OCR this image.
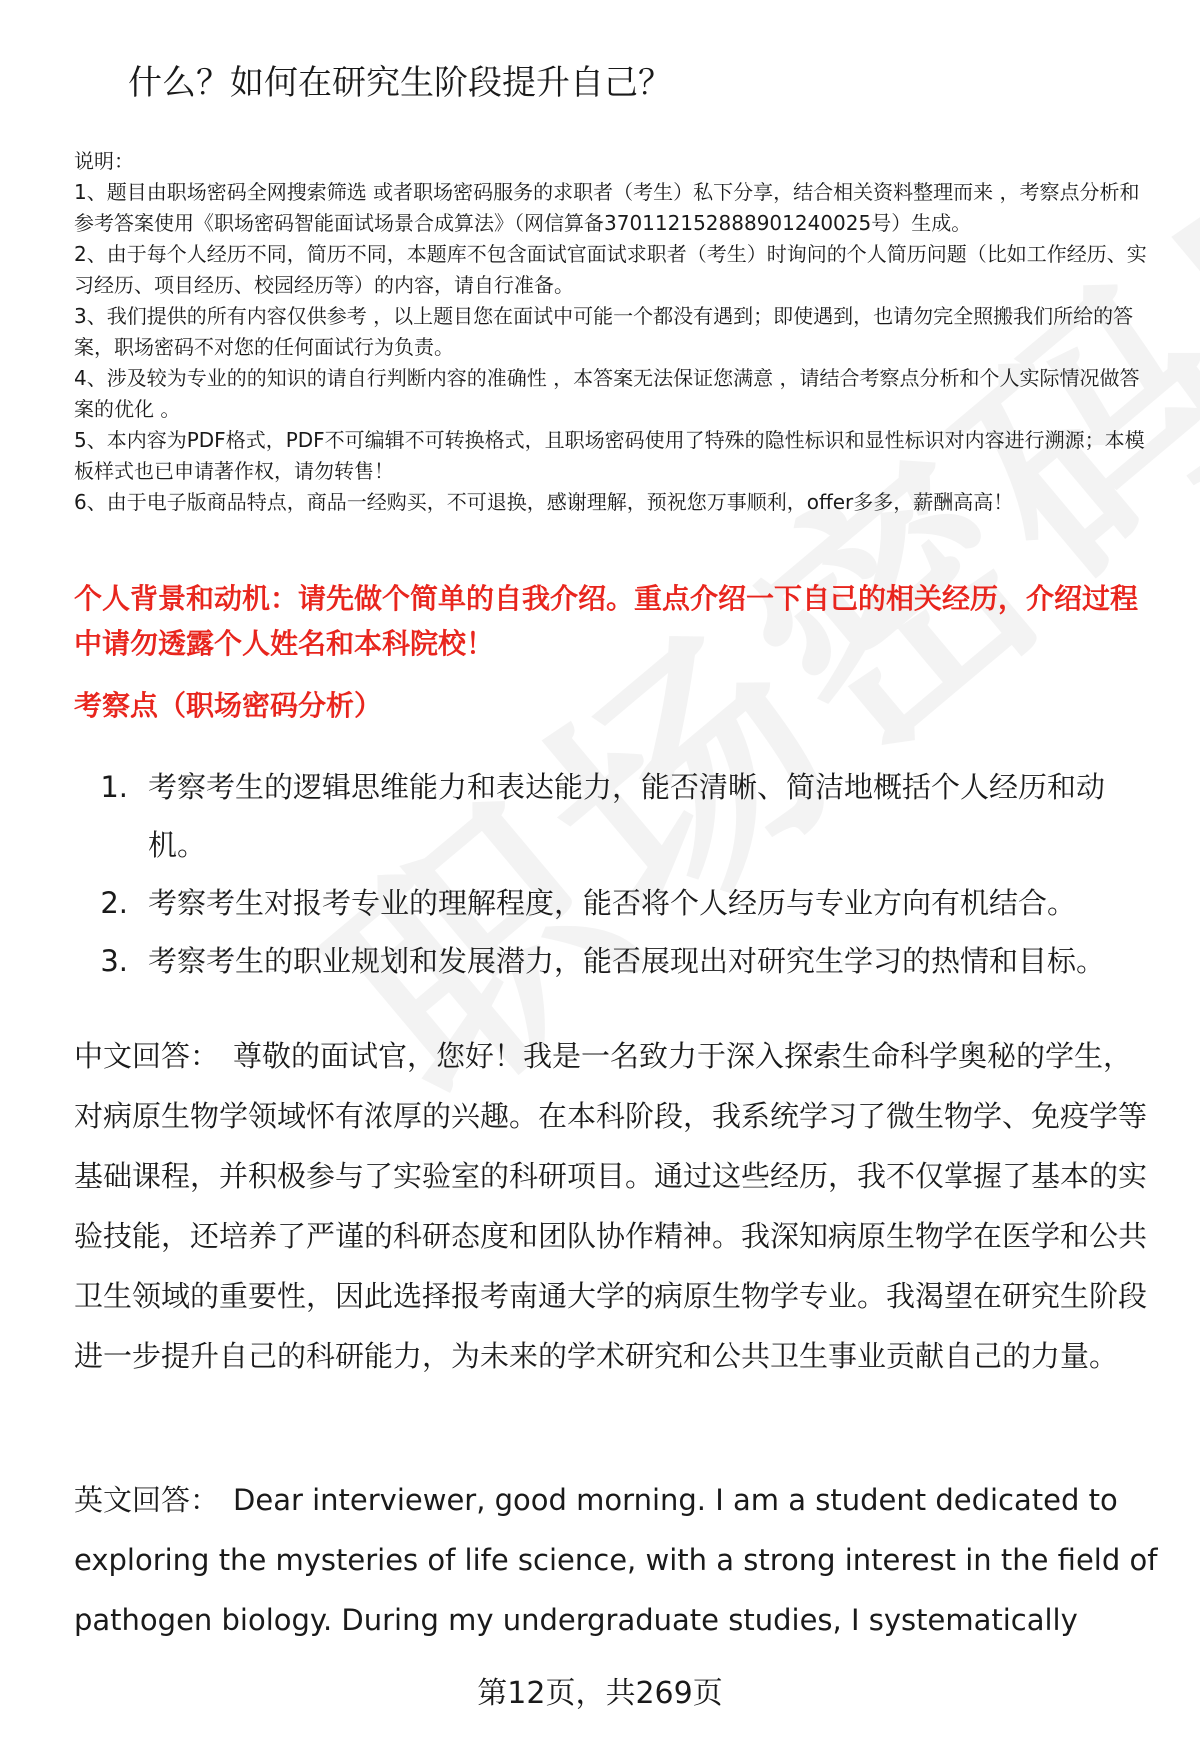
什么？如何在研究生阶段提升自己？

说明：

1、题目由职场密码全网搜索筛选 或者职场密码服务的求职者（考生）私下分享，结合相关资料整理而来 ，考察点分析和参考答案使用《职场密码智能面试场景合成算法》（网信算备370112152888901240025号）生成。

2、由于每个人经历不同，简历不同，本题库不包含面试官面试求职者（考生）时询问的个人简历问题（比如工作经历、实习经历、项目经历、校园经历等）的内容，请自行准备。

3、我们提供的所有内容仅供参考 ，以上题目您在面试中可能一个都没有遇到；即使遇到，也请勿完全照搬我们所给的答案，职场密码不对您的任何面试行为负责。

4、涉及较为专业的的知识的请自行判断内容的准确性 ，本答案无法保证您满意 ，请结合考察点分析和个人实际情况做答案的优化 。

5、本内容为PDF格式，PDF不可编辑不可转换格式，且职场密码使用了特殊的隐性标识和显性标识对内容进行溯源；本模板样式也已申请著作权，请勿转售！

6、由于电子版商品特点，商品一经购买，不可退换，感谢理解，预祝您万事顺利，offer多多，薪酬高高！

个人背景和动机：请先做个简单的自我介绍。重点介绍一下自己的相关经历，介绍过程中请勿透露个人姓名和本科院校！
考察点（职场密码分析）
1. 考察考生的逻辑思维能力和表达能力，能否清晰、简洁地概括个人经历和动机。
2. 考察考生对报考专业的理解程度，能否将个人经历与专业方向有机结合。
3. 考察考生的职业规划和发展潜力，能否展现出对研究生学习的热情和目标。

中文回答： 尊敬的面试官，您好！我是一名致力于深入探索生命科学奥秘的学生，对病原生物学领域怀有浓厚的兴趣。在本科阶段，我系统学习了微生物学、免疫学等基础课程，并积极参与了实验室的科研项目。通过这些经历，我不仅掌握了基本的实验技能，还培养了严谨的科研态度和团队协作精神。我深知病原生物学在医学和公共卫生领域的重要性，因此选择报考南通大学的病原生物学专业。我渴望在研究生阶段进一步提升自己的科研能力，为未来的学术研究和公共卫生事业贡献自己的力量。

英文回答： Dear interviewer, good morning. I am a student dedicated to exploring the mysteries of life science, with a strong interest in the field of pathogen biology. During my undergraduate studies, I systematically

第12页，共269页
